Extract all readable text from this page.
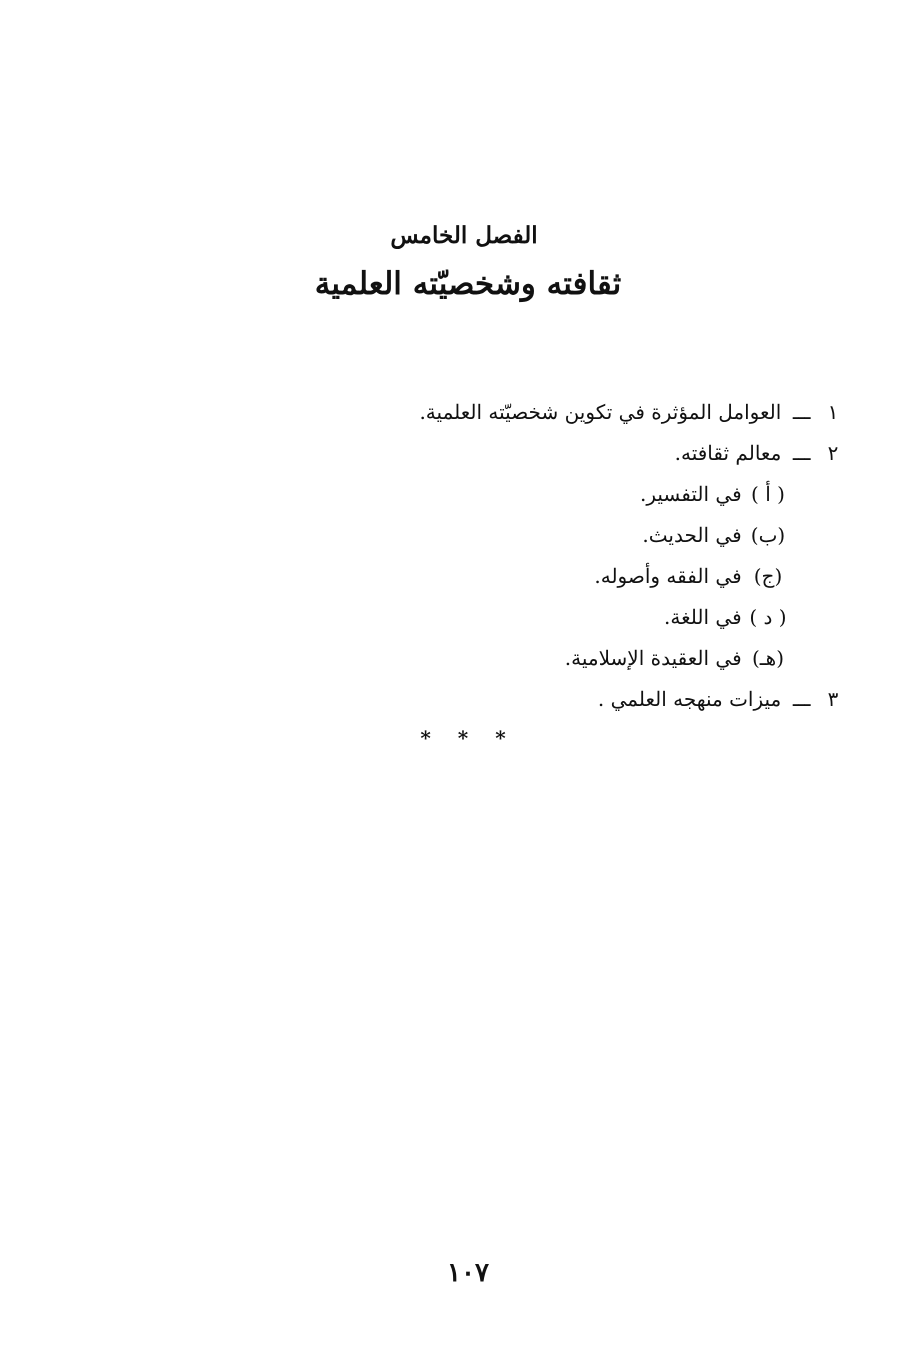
الفصل الخامس
ثقافته وشخصيّته العلمية
١ ـــ العوامل المؤثرة في تكوين شخصيّته العلمية.
٢ ـــ معالم ثقافته.
( أ ) في التفسير.
(ب) في الحديث.
(ج) في الفقه وأصوله.
( د ) في اللغة.
(هـ) في العقيدة الإسلامية.
٣ ـــ ميزات منهجه العلمي .
* * *
١٠٧
